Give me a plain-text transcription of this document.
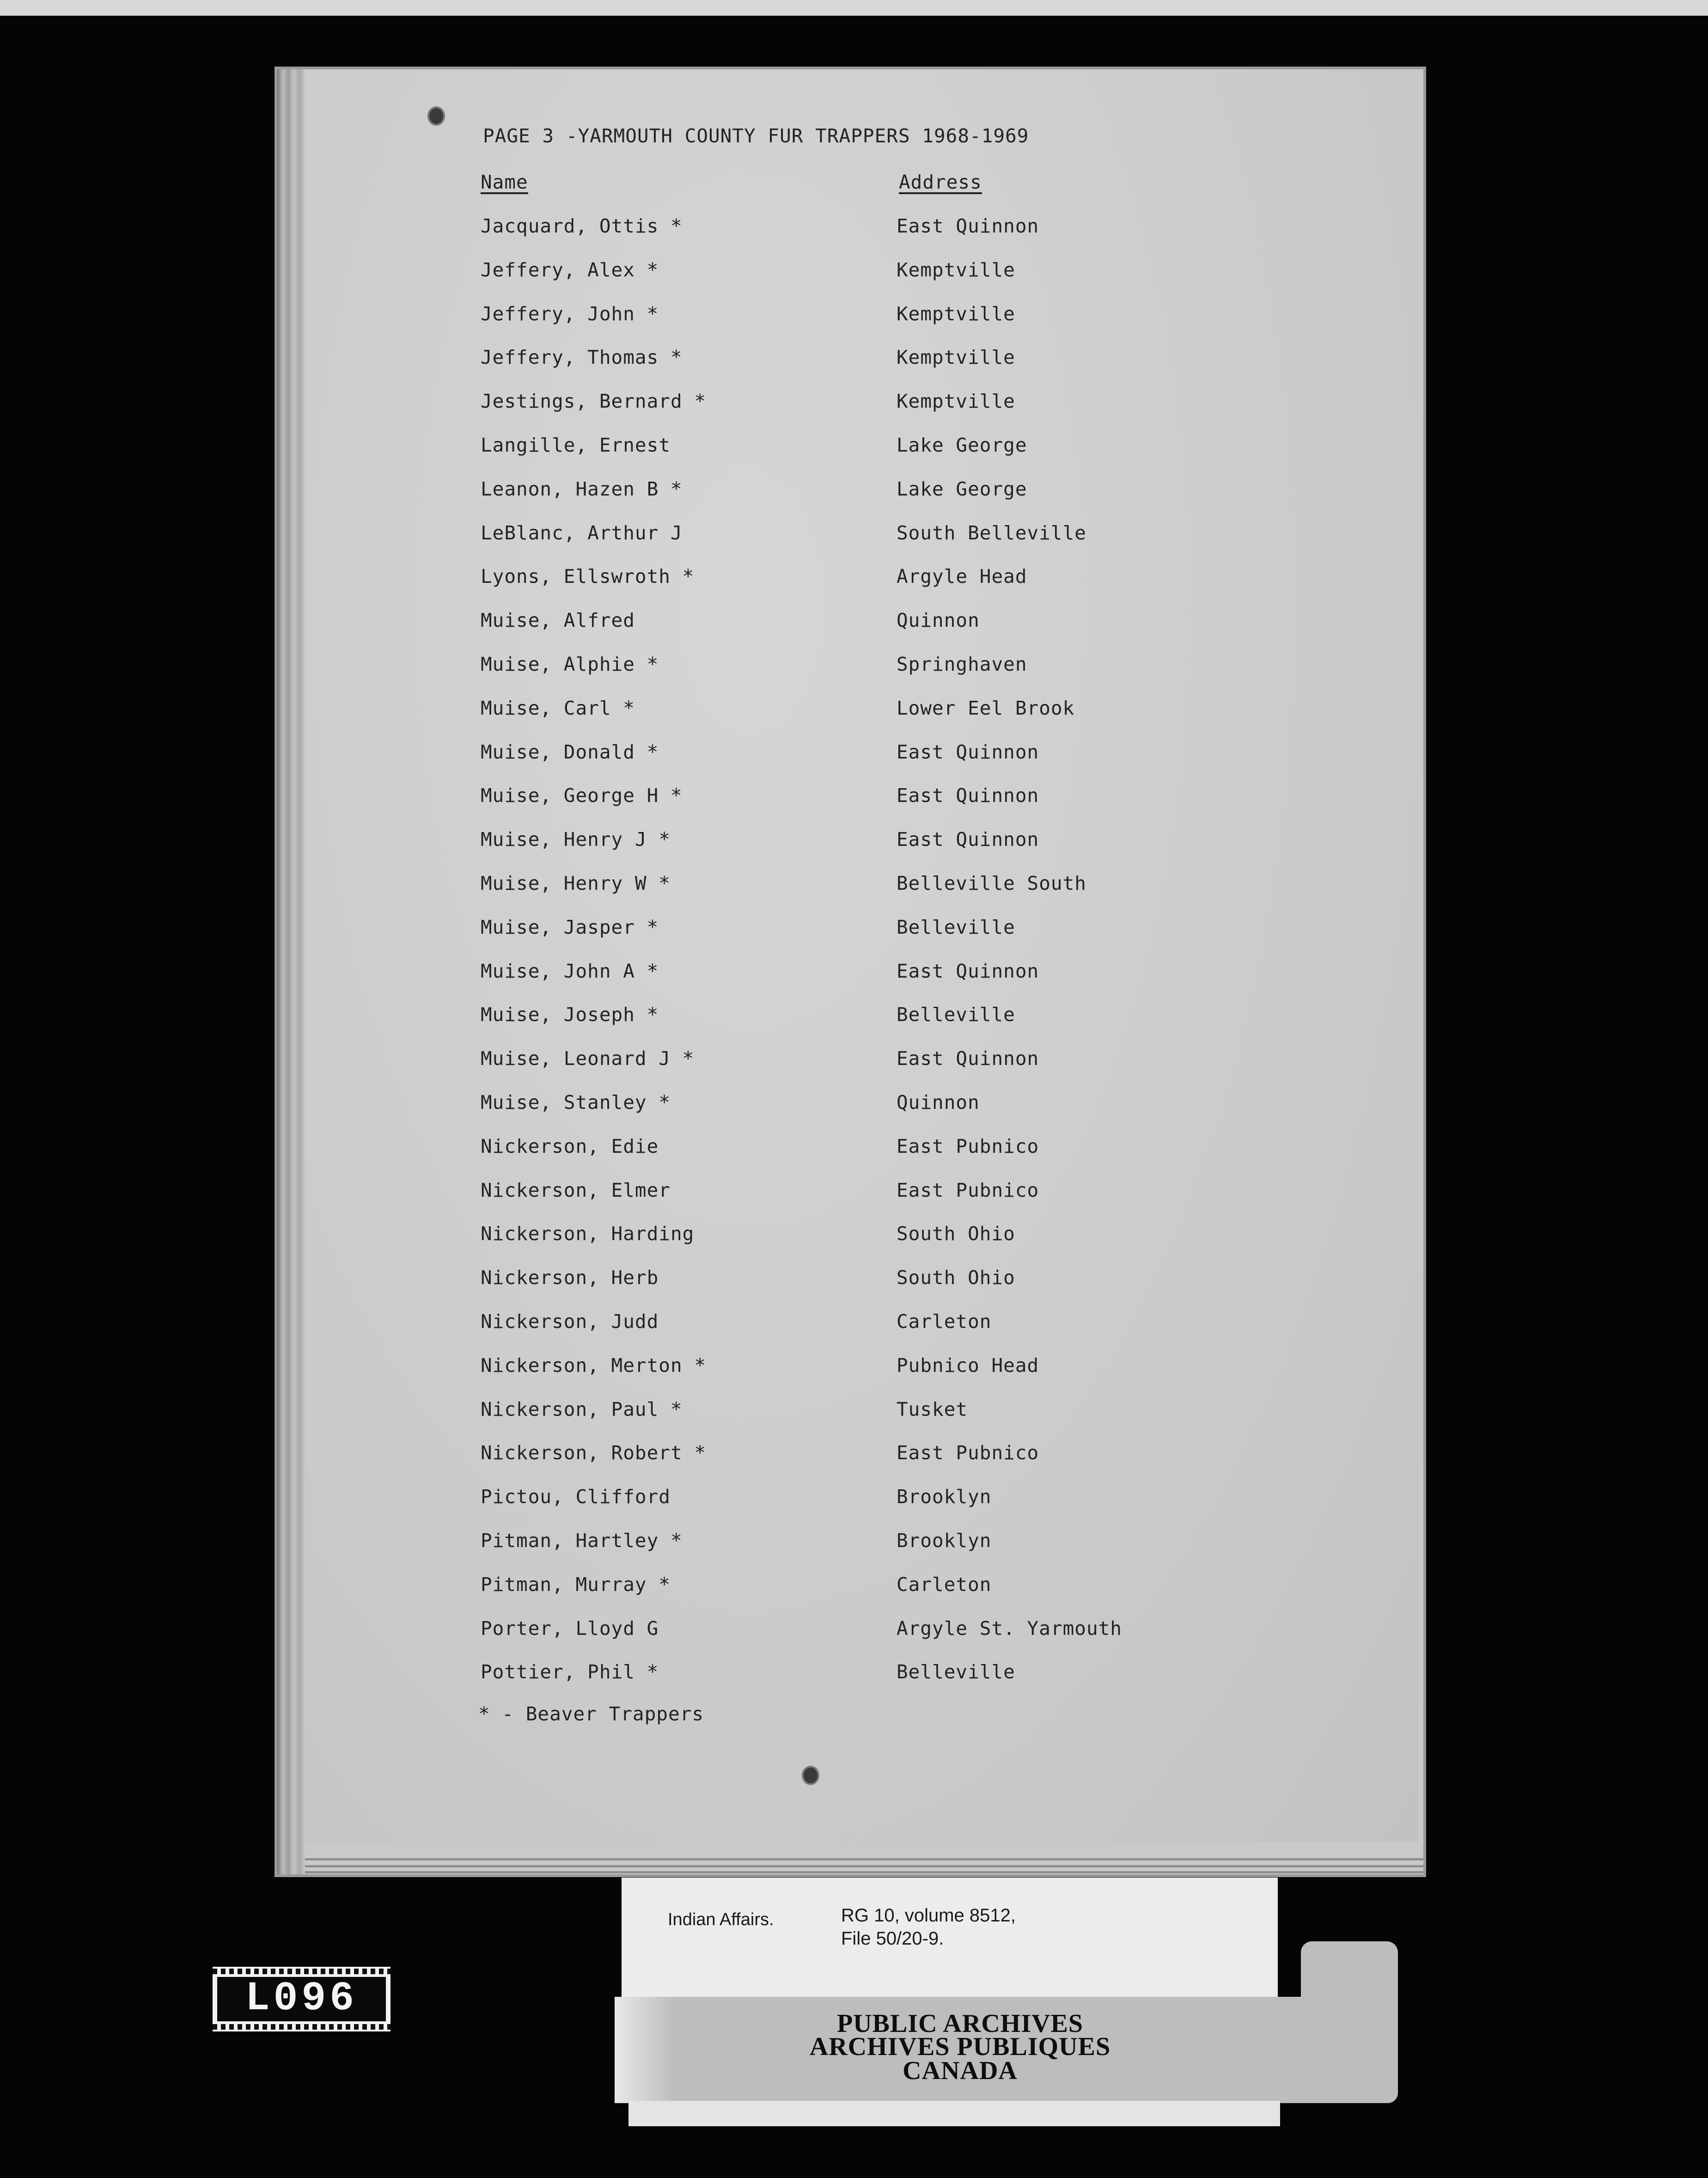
PAGE 3 -YARMOUTH COUNTY FUR TRAPPERS 1968-1969
Name	Address
Jacquard, Ottis *	East Quinnon
Jeffery, Alex *	Kemptville
Jeffery, John *	Kemptville
Jeffery, Thomas *	Kemptville
Jestings, Bernard *	Kemptville
Langille, Ernest	Lake George
Leanon, Hazen B *	Lake George
LeBlanc, Arthur J	South Belleville
Lyons, Ellswroth *	Argyle Head
Muise, Alfred	Quinnon
Muise, Alphie *	Springhaven
Muise, Carl *	Lower Eel Brook
Muise, Donald *	East Quinnon
Muise, George H *	East Quinnon
Muise, Henry J *	East Quinnon
Muise, Henry W *	Belleville South
Muise, Jasper *	Belleville
Muise, John A *	East Quinnon
Muise, Joseph *	Belleville
Muise, Leonard J *	East Quinnon
Muise, Stanley *	Quinnon
Nickerson, Edie	East Pubnico
Nickerson, Elmer	East Pubnico
Nickerson, Harding	South Ohio
Nickerson, Herb	South Ohio
Nickerson, Judd	Carleton
Nickerson, Merton *	Pubnico Head
Nickerson, Paul *	Tusket
Nickerson, Robert *	East Pubnico
Pictou, Clifford	Brooklyn
Pitman, Hartley *	Brooklyn
Pitman, Murray *	Carleton
Porter, Lloyd G	Argyle St. Yarmouth
Pottier, Phil *	Belleville
* - Beaver Trappers
Indian Affairs.	RG 10, volume 8512,
File 50/20-9.
PUBLIC ARCHIVES
ARCHIVES PUBLIQUES
CANADA
L096
